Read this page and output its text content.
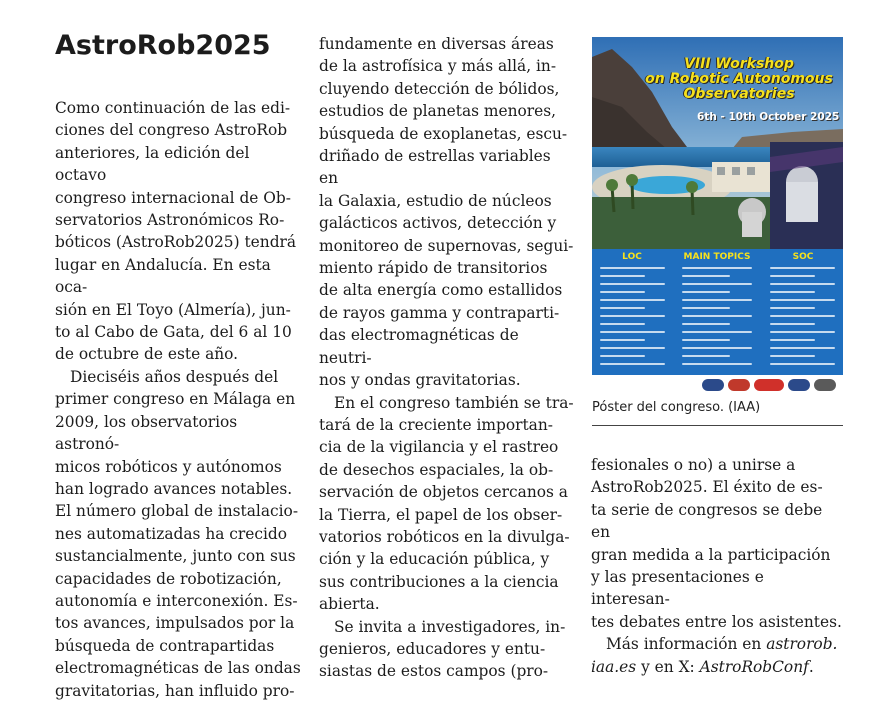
AstroRob2025

Como continuación de las edi-
ciones del congreso AstroRob
anteriores, la edición del octavo
congreso internacional de Ob-
servatorios Astronómicos Ro-
bóticos (AstroRob2025) tendrá
lugar en Andalucía. En esta oca-
sión en El Toyo (Almería), jun-
to al Cabo de Gata, del 6 al 10
de octubre de este año.

Dieciséis años después del
primer congreso en Málaga en
2009, los observatorios astronó-
micos robóticos y autónomos
han logrado avances notables.
El número global de instalacio-
nes automatizadas ha crecido
sustancialmente, junto con sus
capacidades de robotización,
autonomía e interconexión. Es-
tos avances, impulsados por la
búsqueda de contrapartidas
electromagnéticas de las ondas
gravitatorias, han influido pro-

fundamente en diversas áreas
de la astrofísica y más allá, in-
cluyendo detección de bólidos,
estudios de planetas menores,
búsqueda de exoplanetas, escu-
driñado de estrellas variables en
la Galaxia, estudio de núcleos
galácticos activos, detección y
monitoreo de supernovas, segui-
miento rápido de transitorios
de alta energía como estallidos
de rayos gamma y contraparti-
das electromagnéticas de neutri-
nos y ondas gravitatorias.

En el congreso también se tra-
tará de la creciente importan-
cia de la vigilancia y el rastreo
de desechos espaciales, la ob-
servación de objetos cercanos a
la Tierra, el papel de los obser-
vatorios robóticos en la divulga-
ción y la educación pública, y
sus contribuciones a la ciencia
abierta.

Se invita a investigadores, in-
genieros, educadores y entu-
siastas de estos campos (pro-

VIII Workshop
on Robotic Autonomous
Observatories
6th - 10th October 2025
LOC	MAIN TOPICS	SOC

Póster del congreso. (IAA)

fesionales o no) a unirse a
AstroRob2025. El éxito de es-
ta serie de congresos se debe en
gran medida a la participación
y las presentaciones e interesan-
tes debates entre los asistentes.

Más información en astrorob.
iaa.es y en X: AstroRobConf.
